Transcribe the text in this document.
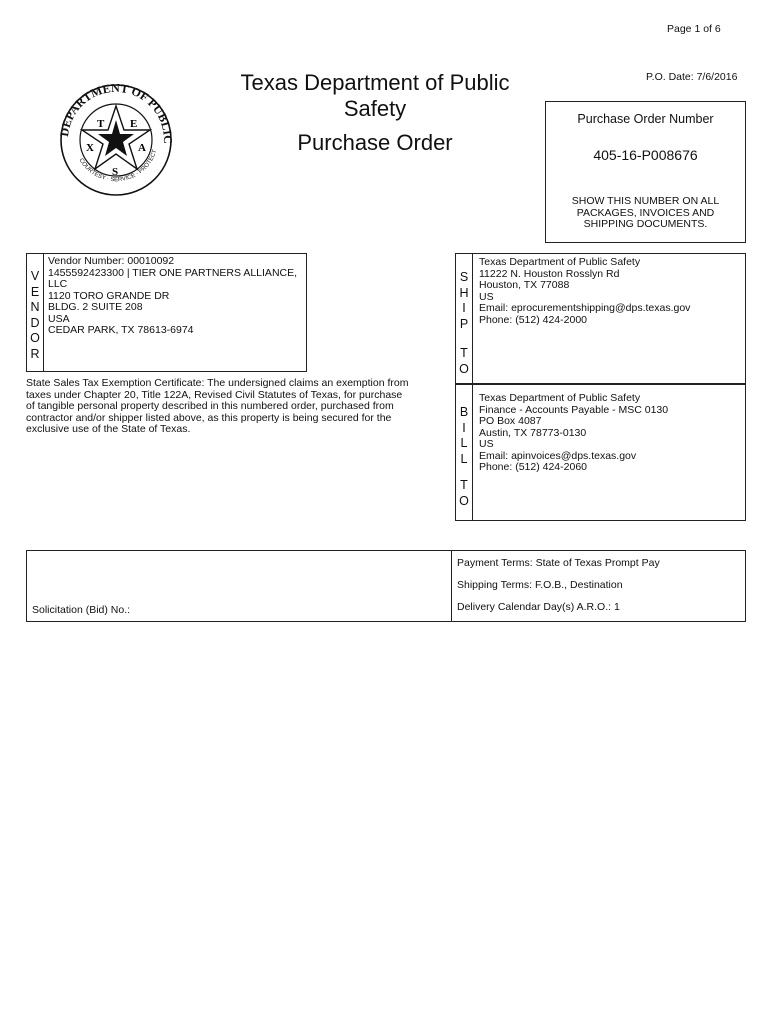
Page 1 of 6
P.O. Date: 7/6/2016
DEPARTMENT OF PUBLIC
COURTESY · SERVICE · PROTECT
T E
X	A
S
Texas Department of Public
Safety
Purchase Order
Purchase Order Number
405-16-P008676
SHOW THIS NUMBER ON ALL
PACKAGES, INVOICES AND
SHIPPING DOCUMENTS.
V
E
N
D
O
R
Vendor Number: 00010092
1455592423300 | TIER ONE PARTNERS ALLIANCE,
LLC
1120 TORO GRANDE DR
BLDG. 2 SUITE 208
USA
CEDAR PARK, TX 78613-6974
S
H
I
P
T
O
Texas Department of Public Safety
11222 N. Houston Rosslyn Rd
Houston, TX 77088
US
Email: eprocurementshipping@dps.texas.gov
Phone: (512) 424-2000
State Sales Tax Exemption Certificate: The undersigned claims an exemption from
taxes under Chapter 20, Title 122A, Revised Civil Statutes of Texas, for purchase
of tangible personal property described in this numbered order, purchased from
contractor and/or shipper listed above, as this property is being secured for the
exclusive use of the State of Texas.
B
I
L
L
T
O
Texas Department of Public Safety
Finance - Accounts Payable - MSC 0130
PO Box 4087
Austin, TX 78773-0130
US
Email: apinvoices@dps.texas.gov
Phone: (512) 424-2060
Solicitation (Bid) No.:
Payment Terms: State of Texas Prompt Pay
Shipping Terms: F.O.B., Destination
Delivery Calendar Day(s) A.R.O.: 1
